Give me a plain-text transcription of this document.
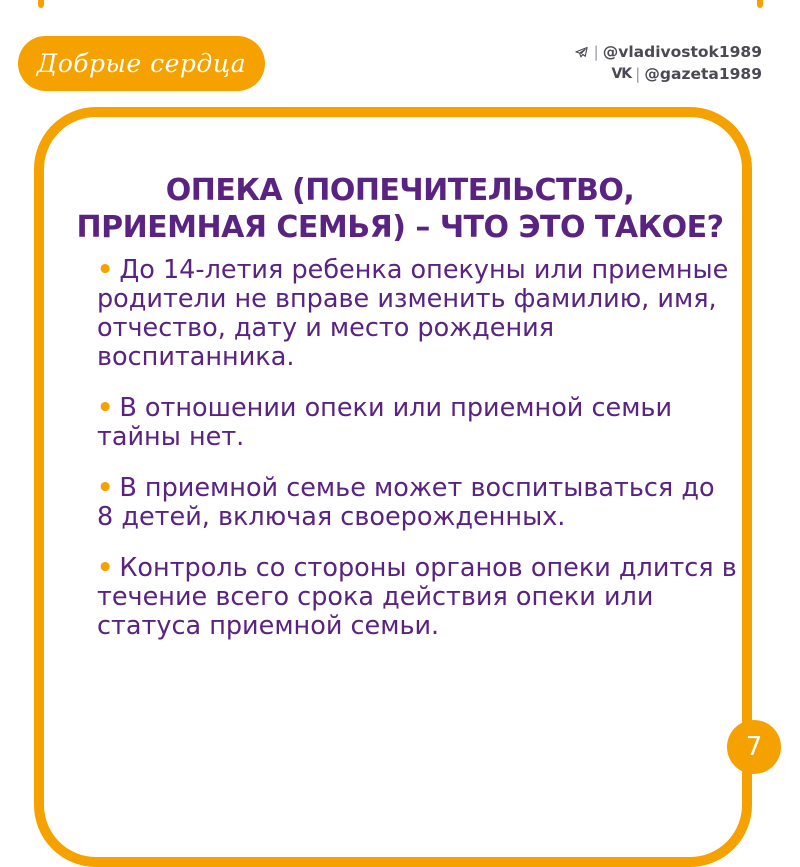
Добрые сердца	| @vladivostok1989
VK | @gazeta1989
ОПЕКА (ПОПЕЧИТЕЛЬСТВО,
ПРИЕМНАЯ СЕМЬЯ) – ЧТО ЭТО ТАКОЕ?

• До 14-летия ребенка опекуны или приемные родители не вправе изменить фамилию, имя, отчество, дату и место рождения воспитанника.

• В отношении опеки или приемной семьи тайны нет.

• В приемной семье может воспитываться до 8 детей, включая своерожденных.

• Контроль со стороны органов опеки длится в течение всего срока действия опеки или статуса приемной семьи.

7
